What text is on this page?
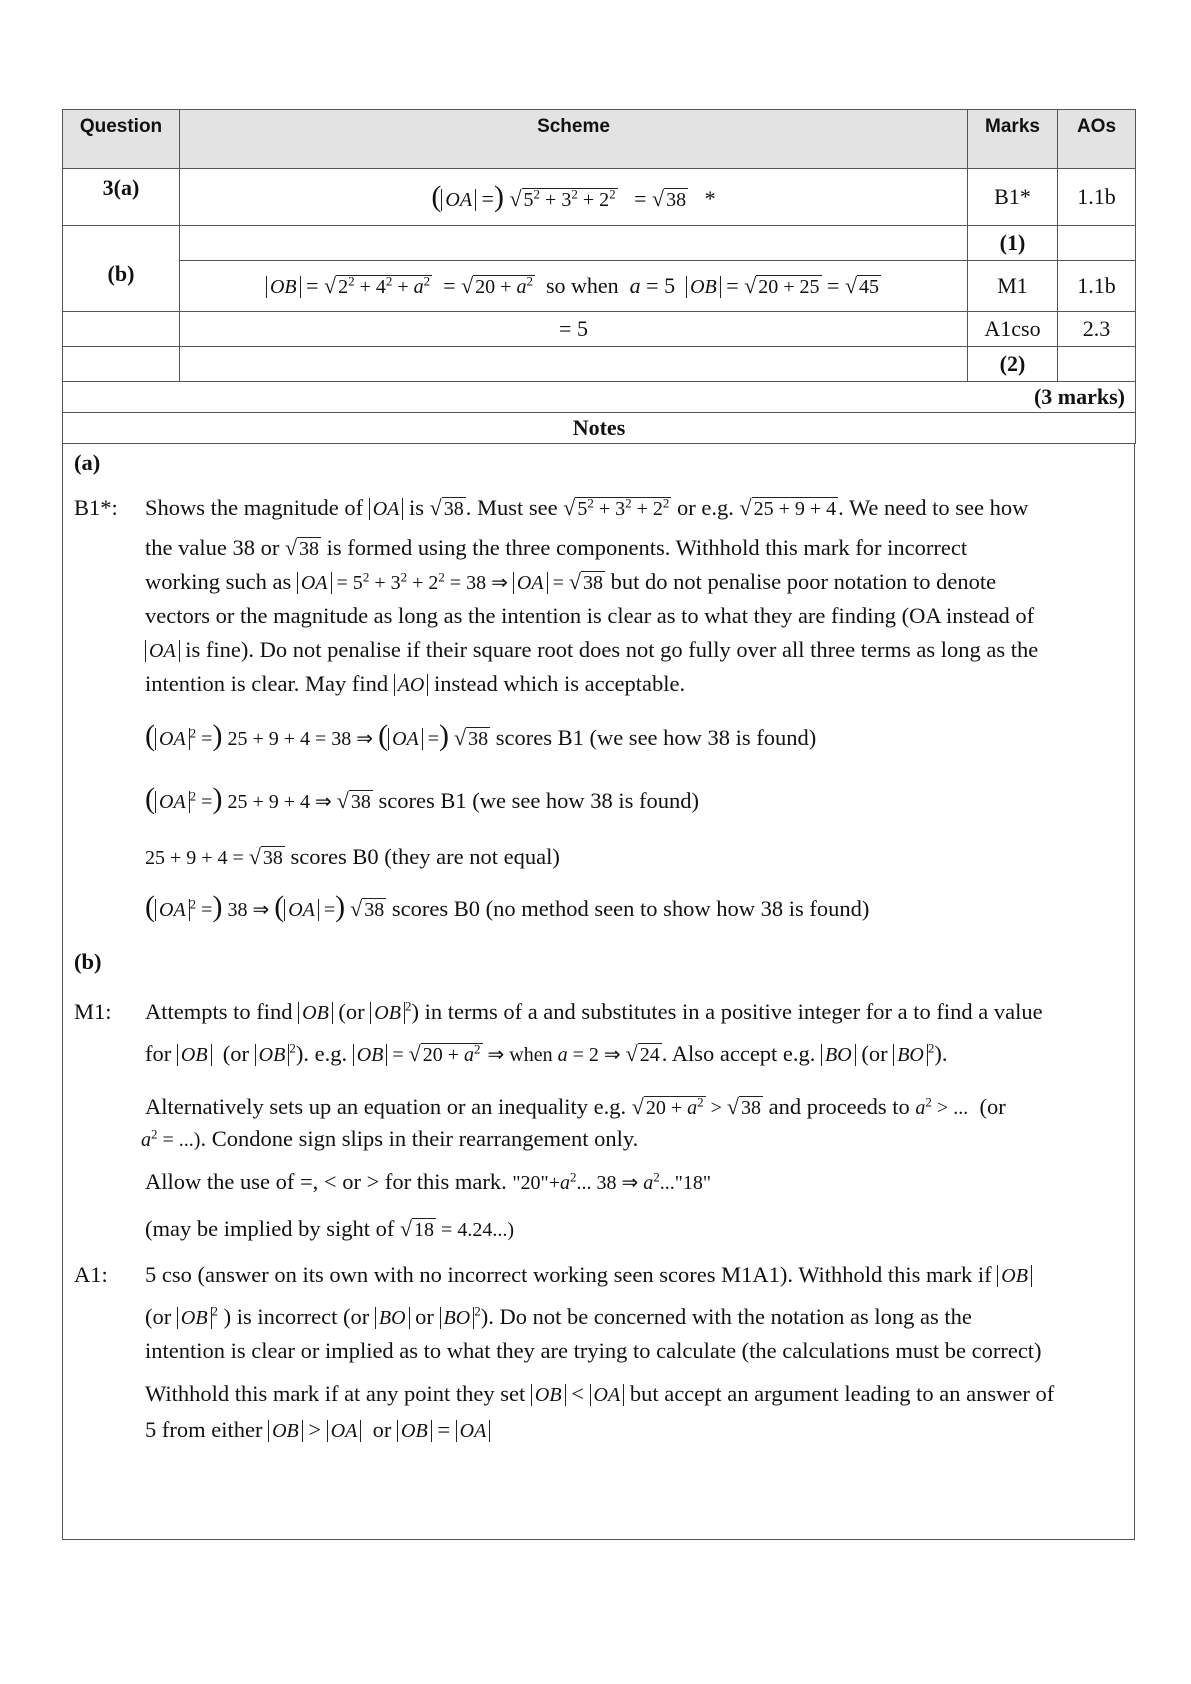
Question	Scheme	Marks	AOs
3(a)	( OA =) √ $5^2 + 3^2 + 2^2$   = √ 38 *	B1*	1.1b
(b)		(1)	
	OB = √ $2^2 + 4^2 + a^2$  = √ $20 + a^2$  so when  a = 5  OB = √ 20 + 25 = √ 45	M1	1.1b
	= 5	A1cso	2.3
		(2)	
(3 marks)			
Notes			
(a)
B1*: Shows the magnitude of OA is √ 38. Must see √ $5^2 + 3^2 + 2^2$ or e.g. √ 25 + 9 + 4. We need to see how
the value 38 or √ 38 is formed using the three components. Withhold this mark for incorrect
working such as OA = $5^2 + 3^2 + 2^2 = 38$ ⇒ OA = √ 38 but do not penalise poor notation to denote
vectors or the magnitude as long as the intention is clear as to what they are finding (OA instead of
OA is fine). Do not penalise if their square root does not go fully over all three terms as long as the
intention is clear. May find AO instead which is acceptable.
( OA $^2$ =) 25 + 9 + 4 = 38 ⇒ ( OA =) √ 38 scores B1 (we see how 38 is found)
( OA $^2$ =) 25 + 9 + 4 ⇒ √ 38 scores B1 (we see how 38 is found)
25 + 9 + 4 = √ 38 scores B0 (they are not equal)
( OA $^2$ =) 38 ⇒ ( OA =) √ 38 scores B0 (no method seen to show how 38 is found)
(b)
M1: Attempts to find OB (or OB $^2$) in terms of a and substitutes in a positive integer for a to find a value
for OB (or OB $^2$). e.g. OB = √ $20 + a^2$ ⇒ when a = 2 ⇒ √ 24. Also accept e.g. BO (or BO $^2$).
Alternatively sets up an equation or an inequality e.g. √ $20 + a^2$ > √ 38 and proceeds to $a^2$ > ... (or
$a^2$ = ...). Condone sign slips in their rearrangement only.
Allow the use of =, < or > for this mark. "$20"+a^2$... 38 ⇒ $a^2..."18$"
(may be implied by sight of √ 18 = 4.24...)
A1: 5 cso (answer on its own with no incorrect working seen scores M1A1). Withhold this mark if OB
(or OB $^2$ ) is incorrect (or BO or BO $^2$). Do not be concerned with the notation as long as the
intention is clear or implied as to what they are trying to calculate (the calculations must be correct)
Withhold this mark if at any point they set OB < OA but accept an argument leading to an answer of
5 from either OB > OA or OB = OA
